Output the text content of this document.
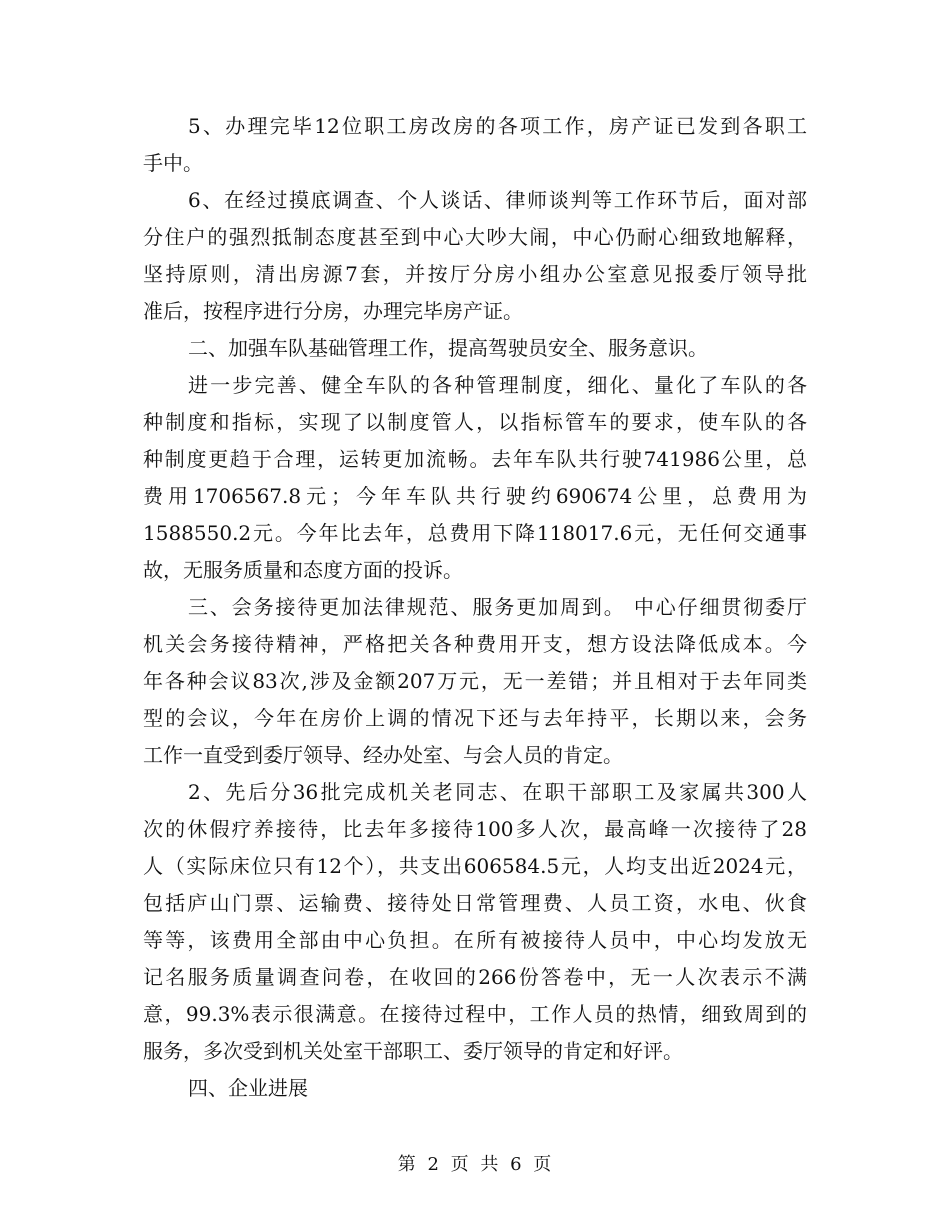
5、办理完毕12位职工房改房的各项工作，房产证已发到各职工
手中。
6、在经过摸底调查、个人谈话、律师谈判等工作环节后，面对部
分住户的强烈抵制态度甚至到中心大吵大闹，中心仍耐心细致地解释，
坚持原则，清出房源7套，并按厅分房小组办公室意见报委厅领导批
准后，按程序进行分房，办理完毕房产证。
二、加强车队基础管理工作，提高驾驶员安全、服务意识。
进一步完善、健全车队的各种管理制度，细化、量化了车队的各
种制度和指标，实现了以制度管人，以指标管车的要求，使车队的各
种制度更趋于合理，运转更加流畅。去年车队共行驶741986公里，总
费用1706567.8元；今年车队共行驶约690674公里，总费用为
1588550.2元。今年比去年，总费用下降118017.6元，无任何交通事
故，无服务质量和态度方面的投诉。
三、会务接待更加法律规范、服务更加周到。 中心仔细贯彻委厅
机关会务接待精神，严格把关各种费用开支，想方设法降低成本。今
年各种会议83次,涉及金额207万元，无一差错；并且相对于去年同类
型的会议，今年在房价上调的情况下还与去年持平，长期以来，会务
工作一直受到委厅领导、经办处室、与会人员的肯定。
2、先后分36批完成机关老同志、在职干部职工及家属共300人
次的休假疗养接待，比去年多接待100多人次，最高峰一次接待了28
人（实际床位只有12个），共支出606584.5元，人均支出近2024元，
包括庐山门票、运输费、接待处日常管理费、人员工资，水电、伙食
等等，该费用全部由中心负担。在所有被接待人员中，中心均发放无
记名服务质量调查问卷，在收回的266份答卷中，无一人次表示不满
意，99.3%表示很满意。在接待过程中，工作人员的热情，细致周到的
服务，多次受到机关处室干部职工、委厅领导的肯定和好评。
四、企业进展
第 2 页 共 6 页
